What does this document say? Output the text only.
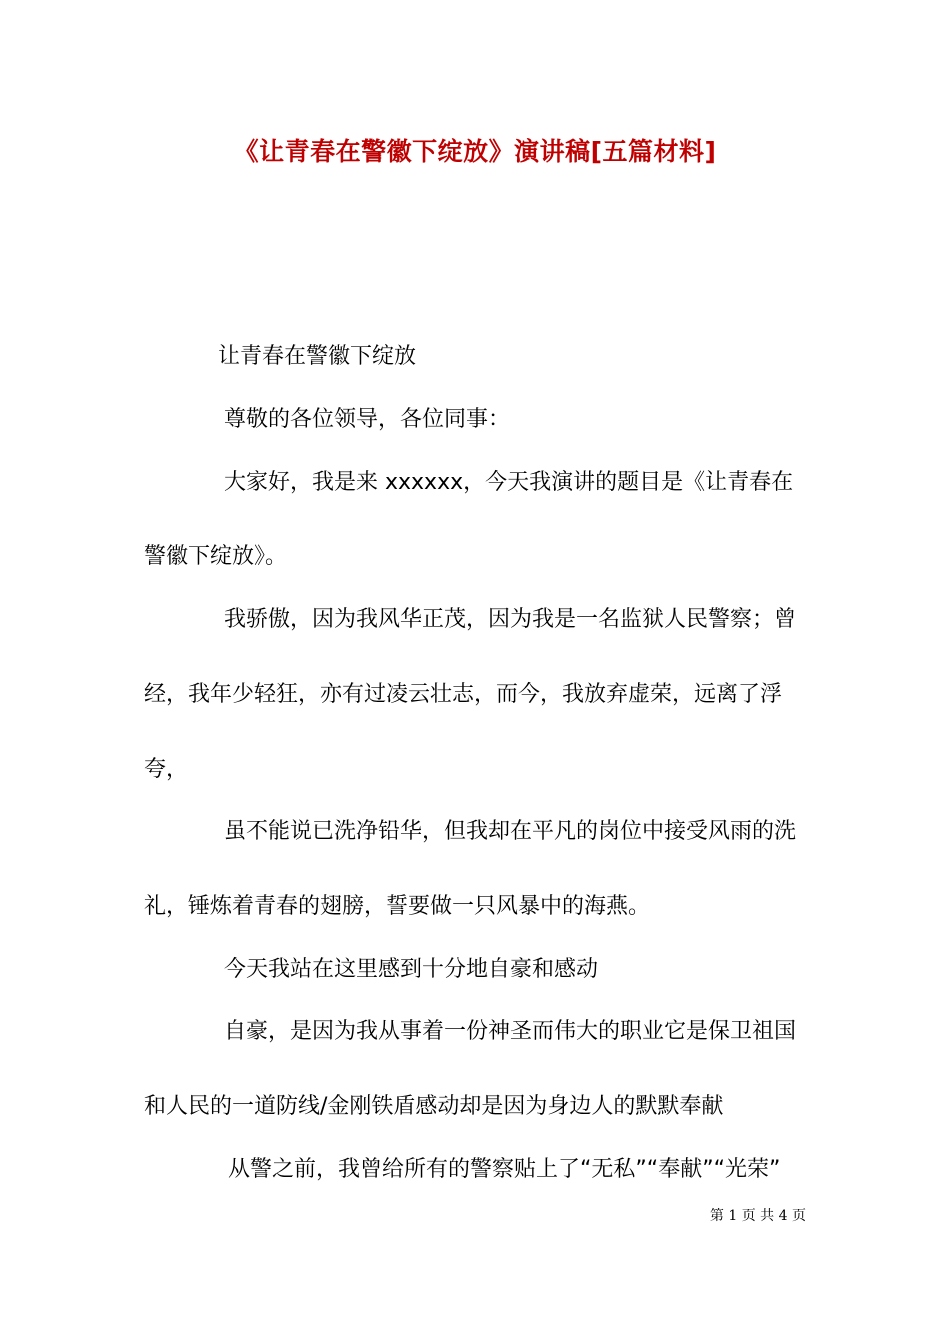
《让青春在警徽下绽放》演讲稿[五篇材料]
让青春在警徽下绽放
尊敬的各位领导，各位同事：
大家好，我是来 xxxxxx，今天我演讲的题目是《让青春在
警徽下绽放》。
我骄傲，因为我风华正茂，因为我是一名监狱人民警察；曾
经，我年少轻狂，亦有过凌云壮志，而今，我放弃虚荣，远离了浮
夸，
虽不能说已洗净铅华，但我却在平凡的岗位中接受风雨的洗
礼，锤炼着青春的翅膀，誓要做一只风暴中的海燕。
今天我站在这里感到十分地自豪和感动
自豪，是因为我从事着一份神圣而伟大的职业它是保卫祖国
和人民的一道防线/金刚铁盾感动却是因为身边人的默默奉献
从警之前，我曾给所有的警察贴上了“无私”“奉献”“光荣”
第 1 页 共 4 页
